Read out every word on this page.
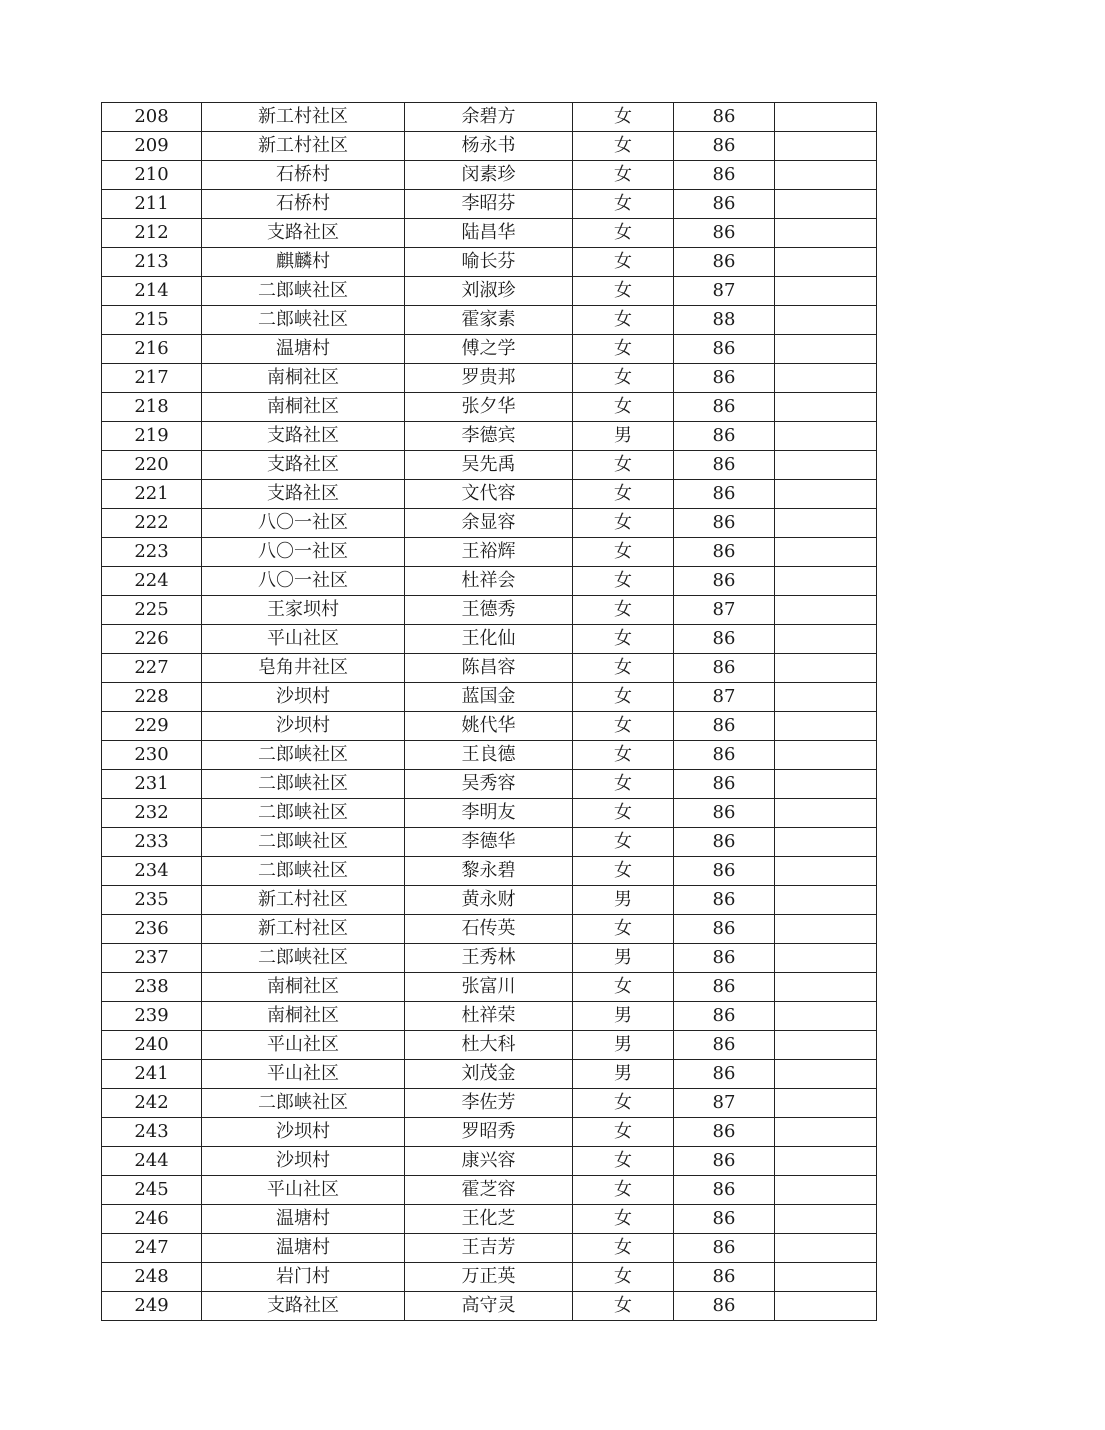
208	新工村社区	余碧方	女	86	
209	新工村社区	杨永书	女	86	
210	石桥村	闵素珍	女	86	
211	石桥村	李昭芬	女	86	
212	支路社区	陆昌华	女	86	
213	麒麟村	喻长芬	女	86	
214	二郎峡社区	刘淑珍	女	87	
215	二郎峡社区	霍家素	女	88	
216	温塘村	傅之学	女	86	
217	南桐社区	罗贵邦	女	86	
218	南桐社区	张夕华	女	86	
219	支路社区	李德宾	男	86	
220	支路社区	吴先禹	女	86	
221	支路社区	文代容	女	86	
222	八〇一社区	余显容	女	86	
223	八〇一社区	王裕辉	女	86	
224	八〇一社区	杜祥会	女	86	
225	王家坝村	王德秀	女	87	
226	平山社区	王化仙	女	86	
227	皂角井社区	陈昌容	女	86	
228	沙坝村	蓝国金	女	87	
229	沙坝村	姚代华	女	86	
230	二郎峡社区	王良德	女	86	
231	二郎峡社区	吴秀容	女	86	
232	二郎峡社区	李明友	女	86	
233	二郎峡社区	李德华	女	86	
234	二郎峡社区	黎永碧	女	86	
235	新工村社区	黄永财	男	86	
236	新工村社区	石传英	女	86	
237	二郎峡社区	王秀林	男	86	
238	南桐社区	张富川	女	86	
239	南桐社区	杜祥荣	男	86	
240	平山社区	杜大科	男	86	
241	平山社区	刘茂金	男	86	
242	二郎峡社区	李佐芳	女	87	
243	沙坝村	罗昭秀	女	86	
244	沙坝村	康兴容	女	86	
245	平山社区	霍芝容	女	86	
246	温塘村	王化芝	女	86	
247	温塘村	王吉芳	女	86	
248	岩门村	万正英	女	86	
249	支路社区	高守灵	女	86	
